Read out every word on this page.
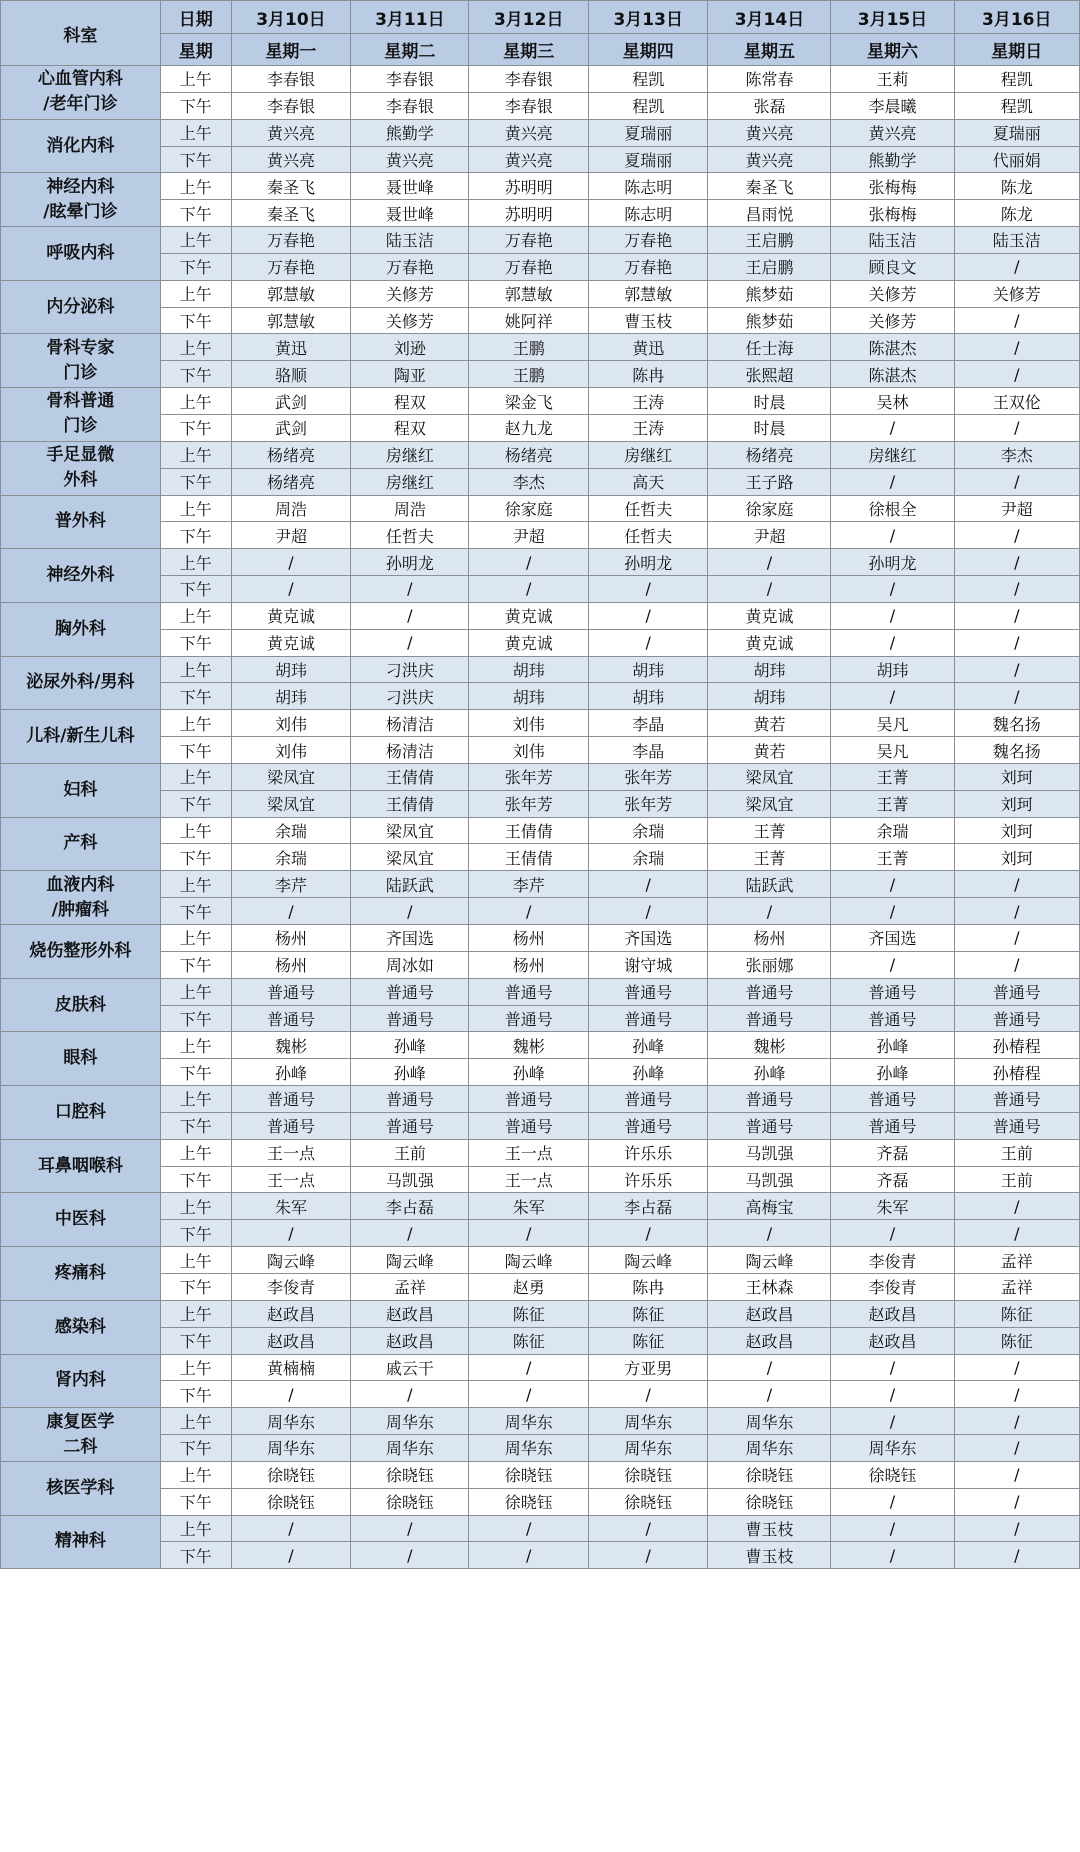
科室	日期	3月10日	3月11日	3月12日	3月13日	3月14日	3月15日	3月16日
	星期	星期一	星期二	星期三	星期四	星期五	星期六	星期日
心血管内科
/老年门诊	上午	李春银	李春银	李春银	程凯	陈常春	王莉	程凯
	下午	李春银	李春银	李春银	程凯	张磊	李晨曦	程凯
消化内科	上午	黄兴亮	熊勤学	黄兴亮	夏瑞丽	黄兴亮	黄兴亮	夏瑞丽
	下午	黄兴亮	黄兴亮	黄兴亮	夏瑞丽	黄兴亮	熊勤学	代丽娟
神经内科
/眩晕门诊	上午	秦圣飞	聂世峰	苏明明	陈志明	秦圣飞	张梅梅	陈龙
	下午	秦圣飞	聂世峰	苏明明	陈志明	昌雨悦	张梅梅	陈龙
呼吸内科	上午	万春艳	陆玉洁	万春艳	万春艳	王启鹏	陆玉洁	陆玉洁
	下午	万春艳	万春艳	万春艳	万春艳	王启鹏	顾良文	/
内分泌科	上午	郭慧敏	关修芳	郭慧敏	郭慧敏	熊梦茹	关修芳	关修芳
	下午	郭慧敏	关修芳	姚阿祥	曹玉枝	熊梦茹	关修芳	/
骨科专家
门诊	上午	黄迅	刘逊	王鹏	黄迅	任士海	陈湛杰	/
	下午	骆顺	陶亚	王鹏	陈冉	张熙超	陈湛杰	/
骨科普通
门诊	上午	武剑	程双	梁金飞	王涛	时晨	吴林	王双伦
	下午	武剑	程双	赵九龙	王涛	时晨	/	/
手足显微
外科	上午	杨绪亮	房继红	杨绪亮	房继红	杨绪亮	房继红	李杰
	下午	杨绪亮	房继红	李杰	高天	王子路	/	/
普外科	上午	周浩	周浩	徐家庭	任哲夫	徐家庭	徐根全	尹超
	下午	尹超	任哲夫	尹超	任哲夫	尹超	/	/
神经外科	上午	/	孙明龙	/	孙明龙	/	孙明龙	/
	下午	/	/	/	/	/	/	/
胸外科	上午	黄克诚	/	黄克诚	/	黄克诚	/	/
	下午	黄克诚	/	黄克诚	/	黄克诚	/	/
泌尿外科/男科	上午	胡玮	刁洪庆	胡玮	胡玮	胡玮	胡玮	/
	下午	胡玮	刁洪庆	胡玮	胡玮	胡玮	/	/
儿科/新生儿科	上午	刘伟	杨清洁	刘伟	李晶	黄若	吴凡	魏名扬
	下午	刘伟	杨清洁	刘伟	李晶	黄若	吴凡	魏名扬
妇科	上午	梁凤宜	王倩倩	张年芳	张年芳	梁凤宜	王菁	刘珂
	下午	梁凤宜	王倩倩	张年芳	张年芳	梁凤宜	王菁	刘珂
产科	上午	余瑞	梁凤宜	王倩倩	余瑞	王菁	余瑞	刘珂
	下午	余瑞	梁凤宜	王倩倩	余瑞	王菁	王菁	刘珂
血液内科
/肿瘤科	上午	李芹	陆跃武	李芹	/	陆跃武	/	/
	下午	/	/	/	/	/	/	/
烧伤整形外科	上午	杨州	齐国选	杨州	齐国选	杨州	齐国选	/
	下午	杨州	周冰如	杨州	谢守城	张丽娜	/	/
皮肤科	上午	普通号	普通号	普通号	普通号	普通号	普通号	普通号
	下午	普通号	普通号	普通号	普通号	普通号	普通号	普通号
眼科	上午	魏彬	孙峰	魏彬	孙峰	魏彬	孙峰	孙椿程
	下午	孙峰	孙峰	孙峰	孙峰	孙峰	孙峰	孙椿程
口腔科	上午	普通号	普通号	普通号	普通号	普通号	普通号	普通号
	下午	普通号	普通号	普通号	普通号	普通号	普通号	普通号
耳鼻咽喉科	上午	王一点	王前	王一点	许乐乐	马凯强	齐磊	王前
	下午	王一点	马凯强	王一点	许乐乐	马凯强	齐磊	王前
中医科	上午	朱军	李占磊	朱军	李占磊	高梅宝	朱军	/
	下午	/	/	/	/	/	/	/
疼痛科	上午	陶云峰	陶云峰	陶云峰	陶云峰	陶云峰	李俊青	孟祥
	下午	李俊青	孟祥	赵勇	陈冉	王林森	李俊青	孟祥
感染科	上午	赵政昌	赵政昌	陈征	陈征	赵政昌	赵政昌	陈征
	下午	赵政昌	赵政昌	陈征	陈征	赵政昌	赵政昌	陈征
肾内科	上午	黄楠楠	戚云干	/	方亚男	/	/	/
	下午	/	/	/	/	/	/	/
康复医学
二科	上午	周华东	周华东	周华东	周华东	周华东	/	/
	下午	周华东	周华东	周华东	周华东	周华东	周华东	/
核医学科	上午	徐晓钰	徐晓钰	徐晓钰	徐晓钰	徐晓钰	徐晓钰	/
	下午	徐晓钰	徐晓钰	徐晓钰	徐晓钰	徐晓钰	/	/
精神科	上午	/	/	/	/	曹玉枝	/	/
	下午	/	/	/	/	曹玉枝	/	/
